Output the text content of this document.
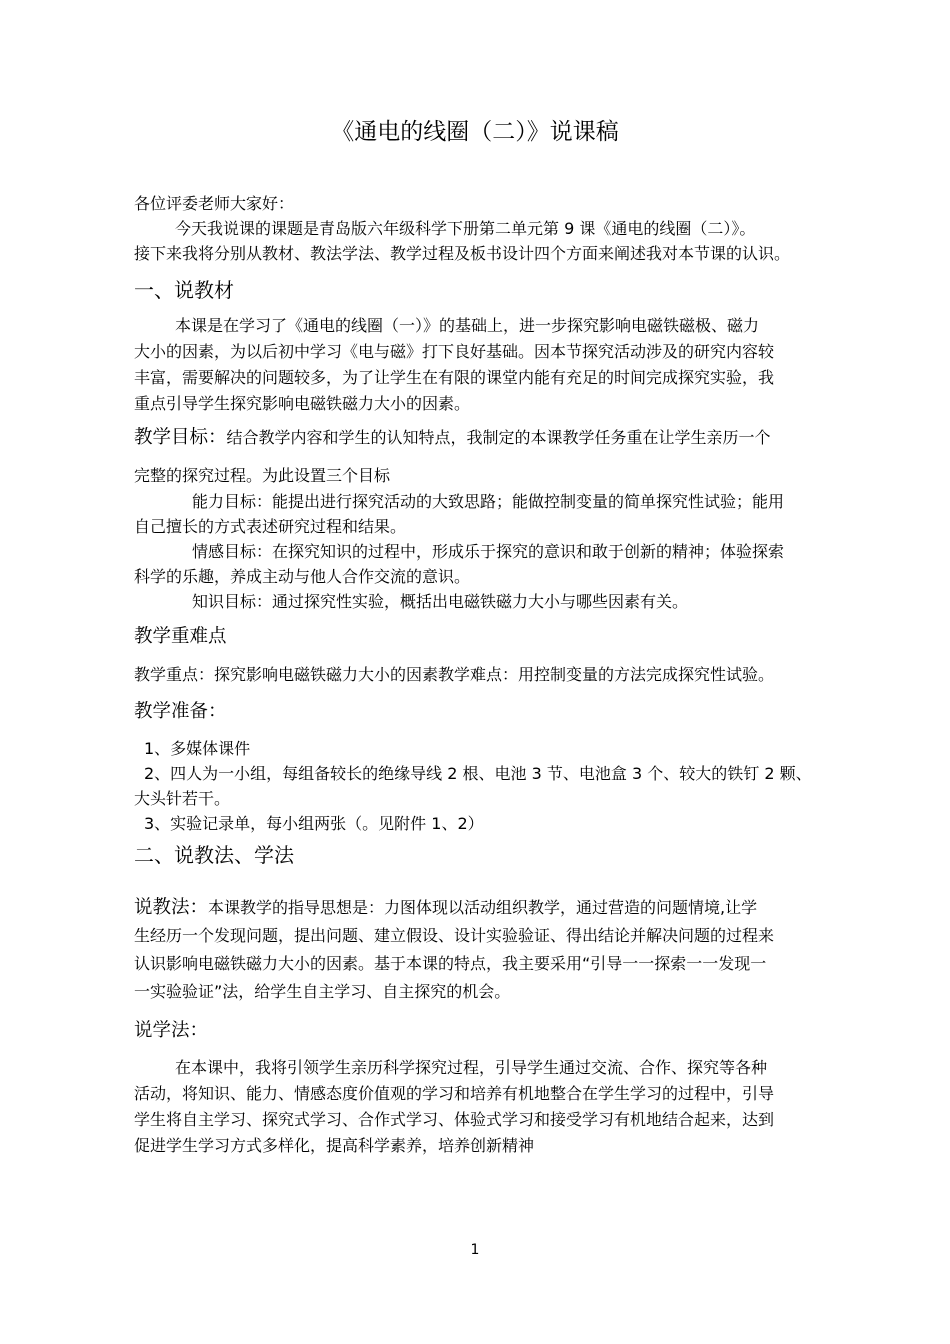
《通电的线圈（二）》说课稿
各位评委老师大家好：
今天我说课的课题是青岛版六年级科学下册第二单元第 9 课《通电的线圈（二）》。
接下来我将分别从教材、教法学法、教学过程及板书设计四个方面来阐述我对本节课的认识。
一、说教材
本课是在学习了《通电的线圈（一）》的基础上，进一步探究影响电磁铁磁极、磁力
大小的因素，为以后初中学习《电与磁》打下良好基础。因本节探究活动涉及的研究内容较
丰富，需要解决的问题较多，为了让学生在有限的课堂内能有充足的时间完成探究实验，我
重点引导学生探究影响电磁铁磁力大小的因素。
教学目标：结合教学内容和学生的认知特点，我制定的本课教学任务重在让学生亲历一个
完整的探究过程。为此设置三个目标
能力目标：能提出进行探究活动的大致思路；能做控制变量的简单探究性试验；能用
自己擅长的方式表述研究过程和结果。
情感目标：在探究知识的过程中，形成乐于探究的意识和敢于创新的精神；体验探索
科学的乐趣，养成主动与他人合作交流的意识。
知识目标：通过探究性实验，概括出电磁铁磁力大小与哪些因素有关。
教学重难点
教学重点：探究影响电磁铁磁力大小的因素教学难点：用控制变量的方法完成探究性试验。
教学准备：
1、多媒体课件
2、四人为一小组，每组备较长的绝缘导线 2 根、电池 3 节、电池盒 3 个、较大的铁钉 2 颗、
大头针若干。
3、实验记录单，每小组两张（。见附件 1、2）
二、说教法、学法
说教法：本课教学的指导思想是：力图体现以活动组织教学，通过营造的问题情境,让学
生经历一个发现问题，提出问题、建立假设、设计实验验证、得出结论并解决问题的过程来
认识影响电磁铁磁力大小的因素。基于本课的特点，我主要采用“引导一一探索一一发现一
一实验验证”法，给学生自主学习、自主探究的机会。
说学法：
在本课中，我将引领学生亲历科学探究过程，引导学生通过交流、合作、探究等各种
活动，将知识、能力、情感态度价值观的学习和培养有机地整合在学生学习的过程中，引导
学生将自主学习、探究式学习、合作式学习、体验式学习和接受学习有机地结合起来，达到
促进学生学习方式多样化，提高科学素养，培养创新精神
1
